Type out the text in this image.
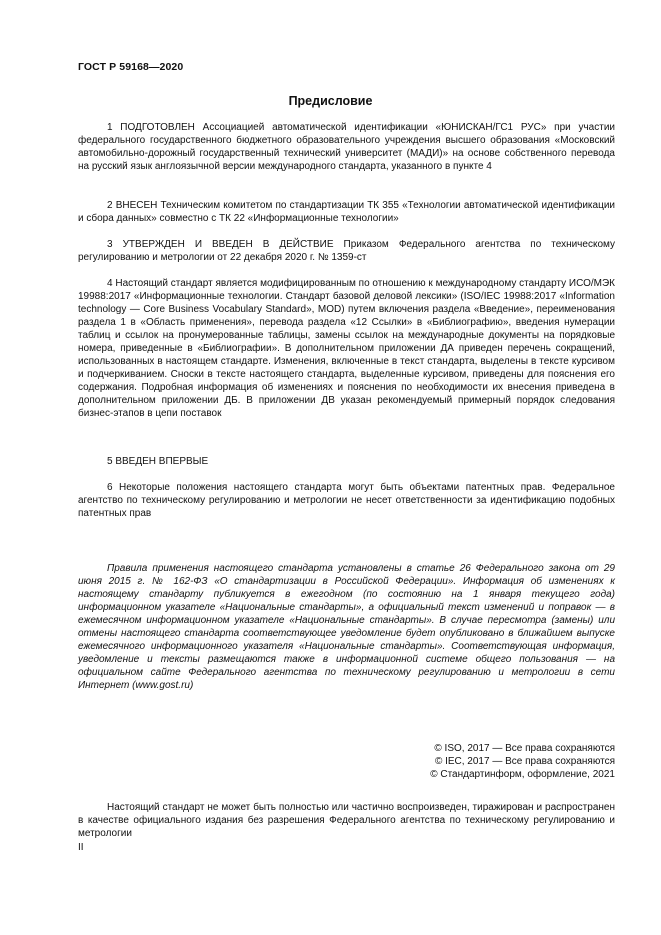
ГОСТ Р 59168—2020
Предисловие

1 ПОДГОТОВЛЕН Ассоциацией автоматической идентификации «ЮНИСКАН/ГС1 РУС» при участии федерального государственного бюджетного образовательного учреждения высшего образования «Московский автомобильно-дорожный государственный технический университет (МАДИ)» на основе собственного перевода на русский язык англоязычной версии международного стандарта, указанного в пункте 4

2 ВНЕСЕН Техническим комитетом по стандартизации ТК 355 «Технологии автоматической идентификации и сбора данных» совместно с ТК 22 «Информационные технологии»

3 УТВЕРЖДЕН И ВВЕДЕН В ДЕЙСТВИЕ Приказом Федерального агентства по техническому регулированию и метрологии от 22 декабря 2020 г. № 1359-ст

4 Настоящий стандарт является модифицированным по отношению к международному стандарту ИСО/МЭК 19988:2017 «Информационные технологии. Стандарт базовой деловой лексики» (ISO/IEC 19988:2017 «Information technology — Core Business Vocabulary Standard», MOD) путем включения раздела «Введение», переименования раздела 1 в «Область применения», перевода раздела «12 Ссылки» в «Библиографию», введения нумерации таблиц и ссылок на пронумерованные таблицы, замены ссылок на международные документы на порядковые номера, приведенные в «Библиографии». В дополнительном приложении ДА приведен перечень сокращений, использованных в настоящем стандарте. Изменения, включенные в текст стандарта, выделены в тексте курсивом и подчеркиванием. Сноски в тексте настоящего стандарта, выделенные курсивом, приведены для пояснения его содержания. Подробная информация об изменениях и пояснения по необходимости их внесения приведена в дополнительном приложении ДБ. В приложении ДВ указан рекомендуемый примерный порядок следования бизнес-этапов в цепи поставок

5 ВВЕДЕН ВПЕРВЫЕ

6 Некоторые положения настоящего стандарта могут быть объектами патентных прав. Федеральное агентство по техническому регулированию и метрологии не несет ответственности за идентификацию подобных патентных прав

Правила применения настоящего стандарта установлены в статье 26 Федерального закона от 29 июня 2015 г. № 162-ФЗ «О стандартизации в Российской Федерации». Информация об изменениях к настоящему стандарту публикуется в ежегодном (по состоянию на 1 января текущего года) информационном указателе «Национальные стандарты», а официальный текст изменений и поправок — в ежемесячном информационном указателе «Национальные стандарты». В случае пересмотра (замены) или отмены настоящего стандарта соответствующее уведомление будет опубликовано в ближайшем выпуске ежемесячного информационного указателя «Национальные стандарты». Соответствующая информация, уведомление и тексты размещаются также в информационной системе общего пользования — на официальном сайте Федерального агентства по техническому регулированию и метрологии в сети Интернет (www.gost.ru)

© ISO, 2017 — Все права сохраняются
© IEC, 2017 — Все права сохраняются
© Стандартинформ, оформление, 2021

Настоящий стандарт не может быть полностью или частично воспроизведен, тиражирован и распространен в качестве официального издания без разрешения Федерального агентства по техническому регулированию и метрологии

II
